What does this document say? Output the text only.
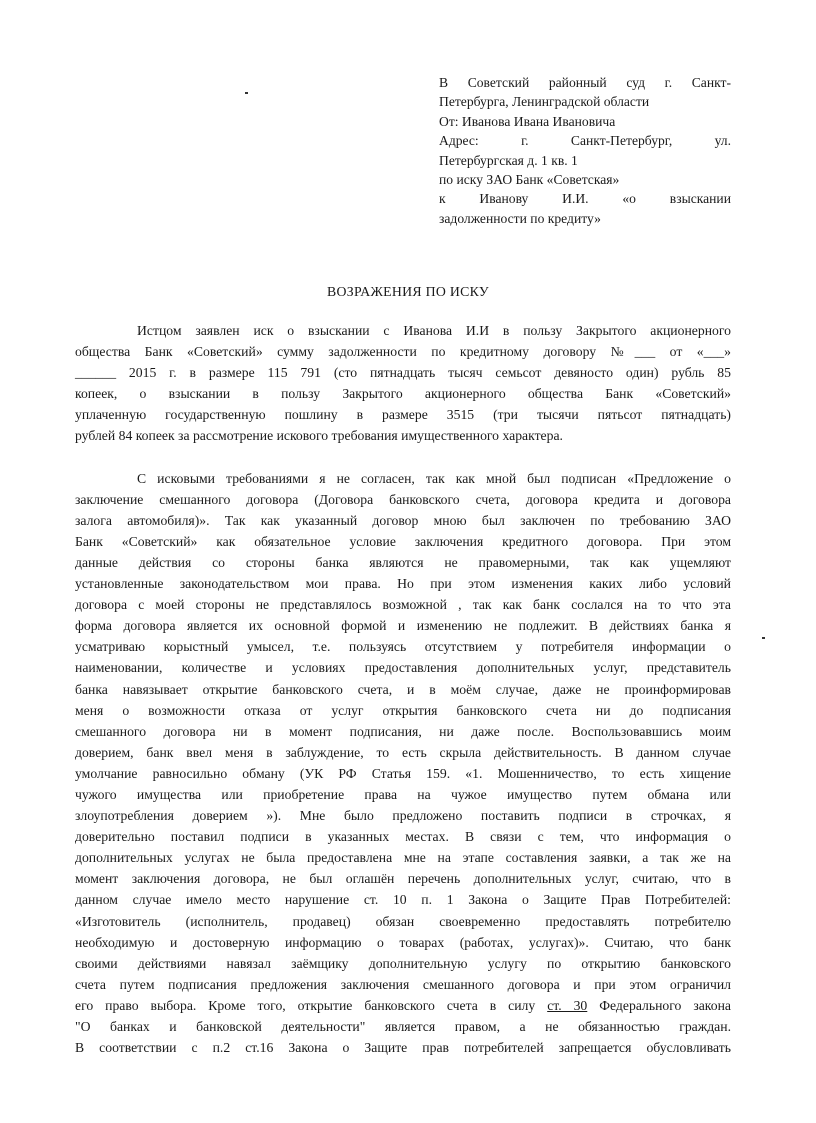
В Советский районный суд г. Санкт-
Петербурга, Ленинградской области
От: Иванова Ивана Ивановича
Адрес: г. Санкт-Петербург, ул.
Петербургская д. 1 кв. 1
по иску ЗАО Банк «Советская»
к Иванову И.И. «о взыскании
задолженности по кредиту»
ВОЗРАЖЕНИЯ ПО ИСКУ

Истцом заявлен иск о взыскании с Иванова И.И в пользу Закрытого акционерного
общества Банк «Советский» сумму задолженности по кредитному договору №___ от «___»
______ 2015 г. в размере 115 791 (сто пятнадцать тысяч семьсот девяносто один) рубль 85
копеек, о взыскании в пользу Закрытого акционерного общества Банк «Советский»
уплаченную государственную пошлину в размере 3515 (три тысячи пятьсот пятнадцать)
рублей 84 копеек за рассмотрение искового требования имущественного характера.

С исковыми требованиями я не согласен, так как мной был подписан «Предложение о
заключение смешанного договора (Договора банковского счета, договора кредита и договора
залога автомобиля)». Так как указанный договор мною был заключен по требованию ЗАО
Банк «Советский» как обязательное условие заключения кредитного договора. При этом
данные действия со стороны банка являются не правомерными, так как ущемляют
установленные законодательством мои права. Но при этом изменения каких либо условий
договора с моей стороны не представлялось возможной , так как банк сослался на то что эта
форма договора является их основной формой и изменению не подлежит. В действиях банка я
усматриваю корыстный умысел, т.е. пользуясь отсутствием у потребителя информации о
наименовании, количестве и условиях предоставления дополнительных услуг, представитель
банка навязывает открытие банковского счета, и в моём случае, даже не проинформировав
меня о возможности отказа от услуг открытия банковского счета ни до подписания
смешанного договора ни в момент подписания, ни даже после. Воспользовавшись моим
доверием, банк ввел меня в заблуждение, то есть скрыла действительность. В данном случае
умолчание равносильно обману (УК РФ Статья 159. «1. Мошенничество, то есть хищение
чужого имущества или приобретение права на чужое имущество путем обмана или
злоупотребления доверием »). Мне было предложено поставить подписи в строчках, я
доверительно поставил подписи в указанных местах. В связи с тем, что информация о
дополнительных услугах не была предоставлена мне на этапе составления заявки, а так же на
момент заключения договора, не был оглашён перечень дополнительных услуг, считаю, что в
данном случае имело место нарушение ст. 10 п. 1 Закона о Защите Прав Потребителей:
«Изготовитель (исполнитель, продавец) обязан своевременно предоставлять потребителю
необходимую и достоверную информацию о товарах (работах, услугах)». Считаю, что банк
своими действиями навязал заёмщику дополнительную услугу по открытию банковского
счета путем подписания предложения заключения смешанного договора и при этом ограничил
его право выбора. Кроме того, открытие банковского счета в силу ст. 30 Федерального закона
"О банках и банковской деятельности" является правом, а не обязанностью граждан.
В соответствии с п.2 ст.16 Закона о Защите прав потребителей запрещается обусловливать
